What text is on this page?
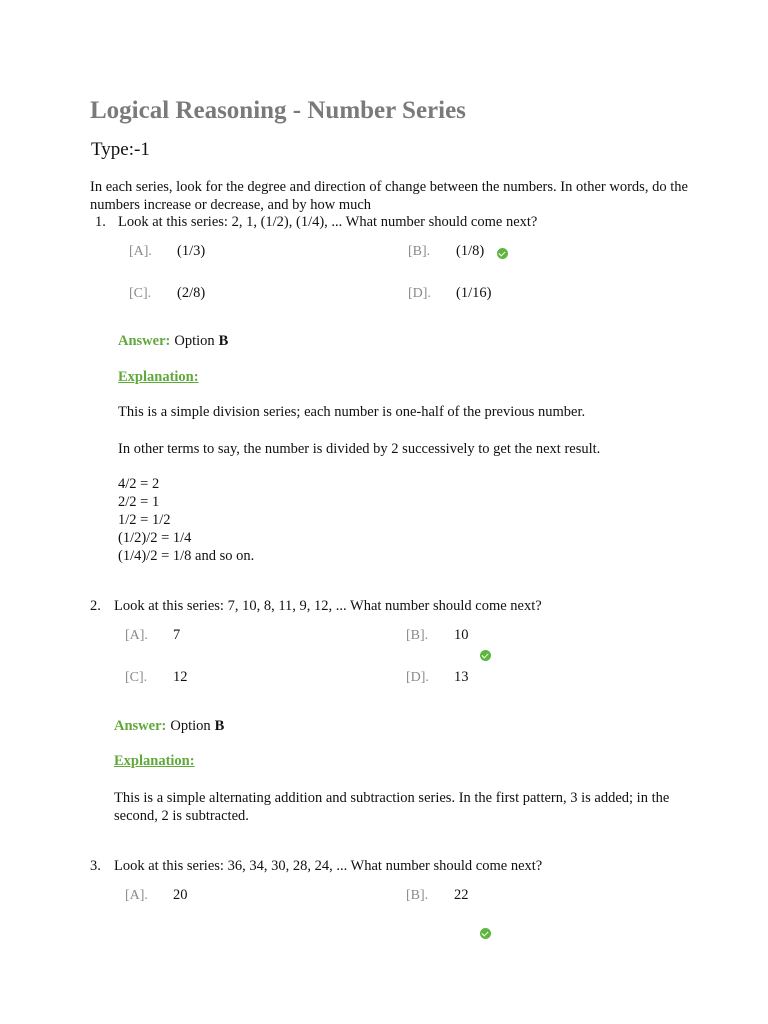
Logical Reasoning - Number Series
Type:-1
In each series, look for the degree and direction of change between the numbers. In other words, do the numbers increase or decrease, and by how much
1. Look at this series: 2, 1, (1/2), (1/4), ... What number should come next?
[A]. (1/3)	[B]. (1/8)
[C]. (2/8)	[D]. (1/16)
Answer: Option B
Explanation:
This is a simple division series; each number is one-half of the previous number.
In other terms to say, the number is divided by 2 successively to get the next result.
4/2 = 2
2/2 = 1
1/2 = 1/2
(1/2)/2 = 1/4
(1/4)/2 = 1/8 and so on.
2. Look at this series: 7, 10, 8, 11, 9, 12, ... What number should come next?
[A]. 7	[B]. 10
[C]. 12	[D]. 13
Answer: Option B
Explanation:
This is a simple alternating addition and subtraction series. In the first pattern, 3 is added; in the second, 2 is subtracted.
3. Look at this series: 36, 34, 30, 28, 24, ... What number should come next?
[A]. 20	[B]. 22
